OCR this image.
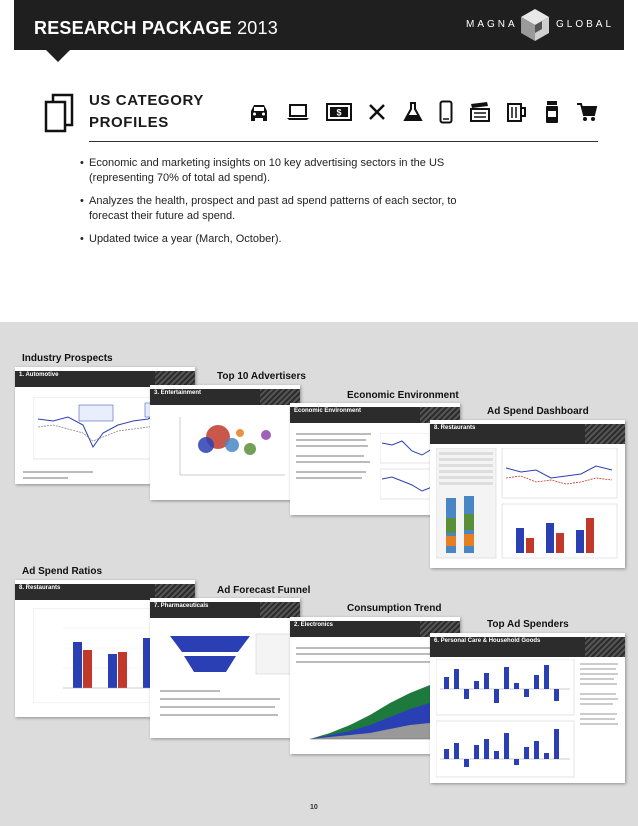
RESEARCH PACKAGE 2013	MAGNA	GLOBAL
US CATEGORY
PROFILES
$
• Economic and marketing insights on 10 key advertising sectors in the US (representing 70% of total ad spend).
• Analyzes the health, prospect and past ad spend patterns of each sector, to forecast their future ad spend.
• Updated twice a year (March, October).
Industry Prospects
1. Automotive	Top 10 Advertisers
3. Entertainment	Economic Environment
Economic Environment	Ad Spend Dashboard
8. Restaurants
Ad Spend Ratios
8. Restaurants	Ad Forecast Funnel
7. Pharmaceuticals	Consumption Trend
2. Electronics	Top Ad Spenders
6. Personal Care & Household Goods
10
